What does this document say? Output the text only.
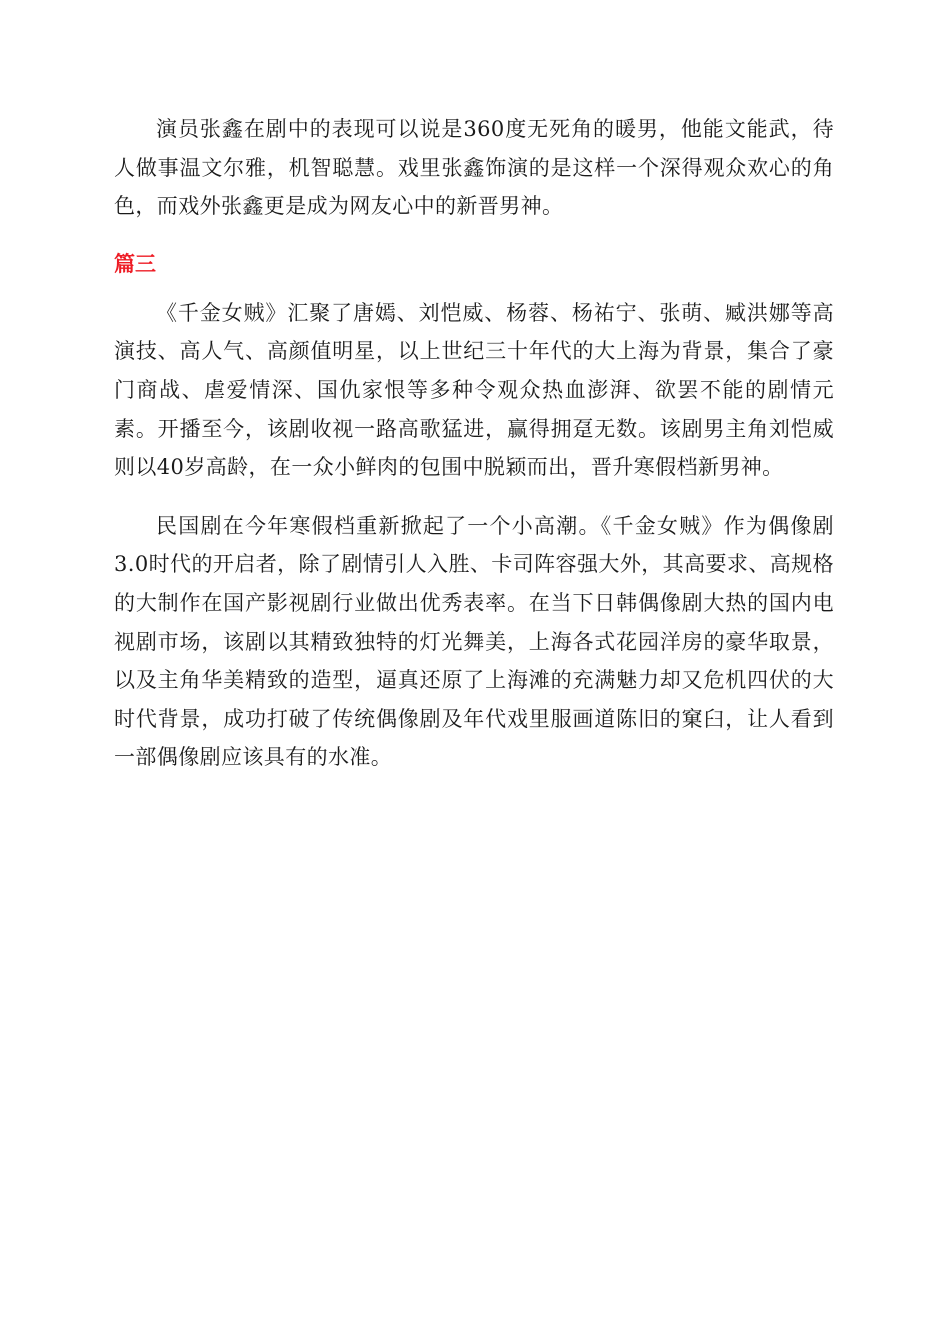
演员张鑫在剧中的表现可以说是360度无死角的暖男，他能文能武，待人做事温文尔雅，机智聪慧。戏里张鑫饰演的是这样一个深得观众欢心的角色，而戏外张鑫更是成为网友心中的新晋男神。

篇三

《千金女贼》汇聚了唐嫣、刘恺威、杨蓉、杨祐宁、张萌、臧洪娜等高演技、高人气、高颜值明星，以上世纪三十年代的大上海为背景，集合了豪门商战、虐爱情深、国仇家恨等多种令观众热血澎湃、欲罢不能的剧情元素。开播至今，该剧收视一路高歌猛进，赢得拥趸无数。该剧男主角刘恺威则以40岁高龄，在一众小鲜肉的包围中脱颖而出，晋升寒假档新男神。

民国剧在今年寒假档重新掀起了一个小高潮。《千金女贼》作为偶像剧3.0时代的开启者，除了剧情引人入胜、卡司阵容强大外，其高要求、高规格的大制作在国产影视剧行业做出优秀表率。在当下日韩偶像剧大热的国内电视剧市场，该剧以其精致独特的灯光舞美，上海各式花园洋房的豪华取景，以及主角华美精致的造型，逼真还原了上海滩的充满魅力却又危机四伏的大时代背景，成功打破了传统偶像剧及年代戏里服画道陈旧的窠臼，让人看到一部偶像剧应该具有的水准。
